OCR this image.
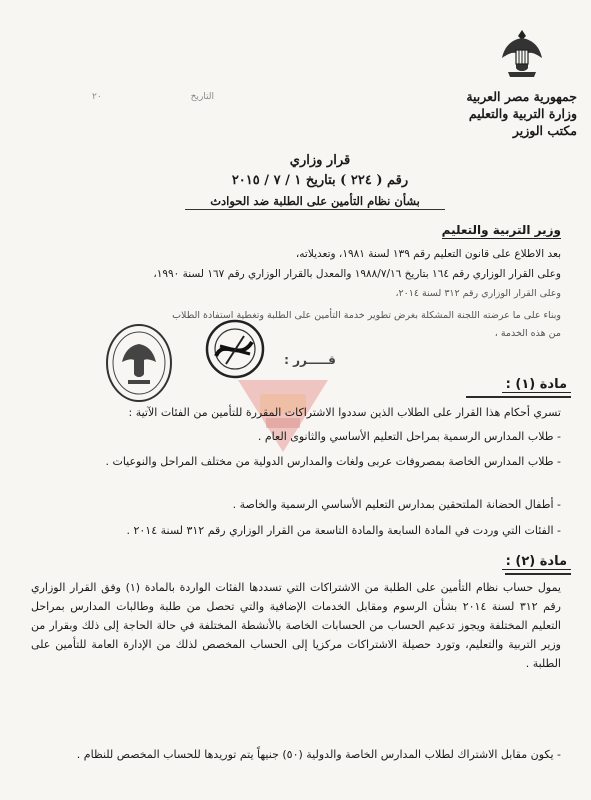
جمهورية مصر العربية
وزارة التربية والتعليم
مكتب الوزير
٢٠	التاريخ
قرار وزاري
رقم ( ٢٢٤ ) بتاريخ ١ / ٧ / ٢٠١٥
بشأن نظام التأمين على الطلبة ضد الحوادث
وزير التربية والتعليم
بعد الاطلاع على قانون التعليم رقم ١٣٩ لسنة ١٩٨١، وتعديلاته،
وعلى القرار الوزاري رقم ١٦٤ بتاريخ ١٩٨٨/٧/١٦ والمعدل بالقرار الوزاري رقم ١٦٧ لسنة ١٩٩٠،
وعلى القرار الوزاري رقم ٣١٢ لسنة ٢٠١٤،
وبناء على ما عرضته اللجنة المشكلة بغرض تطوير خدمة التأمين على الطلبة وتغطية استفادة الطلاب
من هذه الخدمة ،
قـــــرر :
مادة (١) :
تسري أحكام هذا القرار على الطلاب الذين سددوا الاشتراكات المقررة للتأمين من الفئات الآتية :
- طلاب المدارس الرسمية بمراحل التعليم الأساسي والثانوى العام .
- طلاب المدارس الخاصة بمصروفات عربى ولغات والمدارس الدولية من مختلف المراحل والنوعيات .
- أطفال الحضانة الملتحقين بمدارس التعليم الأساسي الرسمية والخاصة .
- الفئات التي وردت في المادة السابعة والمادة التاسعة من القرار الوزاري رقم ٣١٢ لسنة ٢٠١٤ .
مادة (٢) :
يمول حساب نظام التأمين على الطلبة من الاشتراكات التي تسددها الفئات الواردة بالمادة (١) وفق القرار الوزاري رقم ٣١٢ لسنة ٢٠١٤ بشأن الرسوم ومقابل الخدمات الإضافية والتي تحصل من طلبة وطالبات المدارس بمراحل التعليم المختلفة ويجوز تدعيم الحساب من الحسابات الخاصة بالأنشطة المختلفة في حالة الحاجة إلى ذلك وبقرار من وزير التربية والتعليم، وتورد حصيلة الاشتراكات مركزيا إلى الحساب المخصص لذلك من الإدارة العامة للتأمين على الطلبة .
- يكون مقابل الاشتراك لطلاب المدارس الخاصة والدولية (٥٠) جنيهاً يتم توريدها للحساب المخصص للنظام .
